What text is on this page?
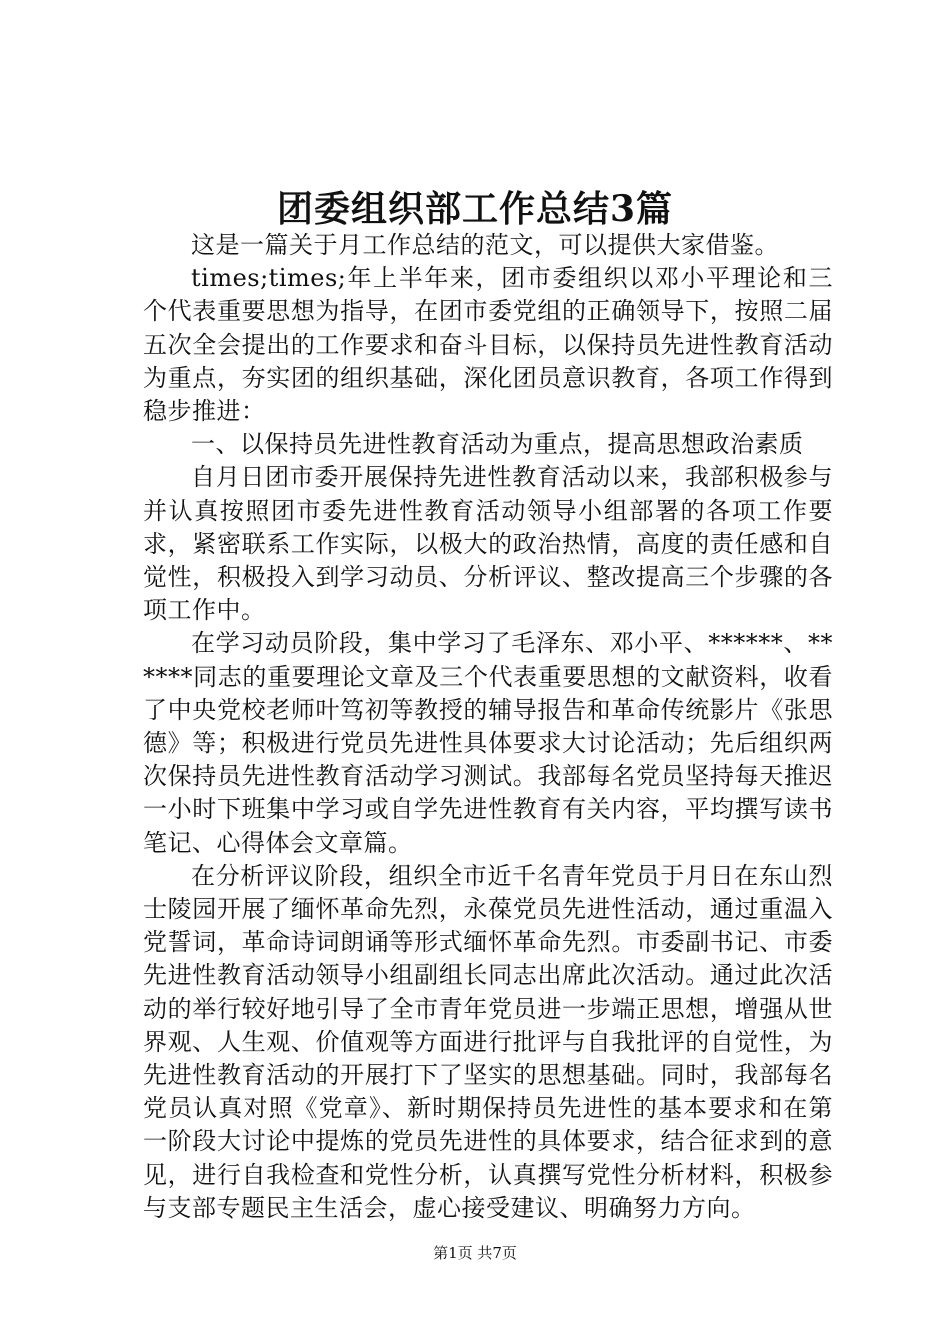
团委组织部工作总结3篇

这是一篇关于月工作总结的范文，可以提供大家借鉴。

times;times;年上半年来，团市委组织以邓小平理论和三个代表重要思想为指导，在团市委党组的正确领导下，按照二届五次全会提出的工作要求和奋斗目标，以保持员先进性教育活动为重点，夯实团的组织基础，深化团员意识教育，各项工作得到稳步推进：

一、以保持员先进性教育活动为重点，提高思想政治素质

自月日团市委开展保持先进性教育活动以来，我部积极参与并认真按照团市委先进性教育活动领导小组部署的各项工作要求，紧密联系工作实际，以极大的政治热情，高度的责任感和自觉性，积极投入到学习动员、分析评议、整改提高三个步骤的各项工作中。

在学习动员阶段，集中学习了毛泽东、邓小平、******、******同志的重要理论文章及三个代表重要思想的文献资料，收看了中央党校老师叶笃初等教授的辅导报告和革命传统影片《张思德》等；积极进行党员先进性具体要求大讨论活动；先后组织两次保持员先进性教育活动学习测试。我部每名党员坚持每天推迟一小时下班集中学习或自学先进性教育有关内容，平均撰写读书笔记、心得体会文章篇。

在分析评议阶段，组织全市近千名青年党员于月日在东山烈士陵园开展了缅怀革命先烈，永葆党员先进性活动，通过重温入党誓词，革命诗词朗诵等形式缅怀革命先烈。市委副书记、市委先进性教育活动领导小组副组长同志出席此次活动。通过此次活动的举行较好地引导了全市青年党员进一步端正思想，增强从世界观、人生观、价值观等方面进行批评与自我批评的自觉性，为先进性教育活动的开展打下了坚实的思想基础。同时，我部每名党员认真对照《党章》、新时期保持员先进性的基本要求和在第一阶段大讨论中提炼的党员先进性的具体要求，结合征求到的意见，进行自我检查和党性分析，认真撰写党性分析材料，积极参与支部专题民主生活会，虚心接受建议、明确努力方向。

第1页 共7页
